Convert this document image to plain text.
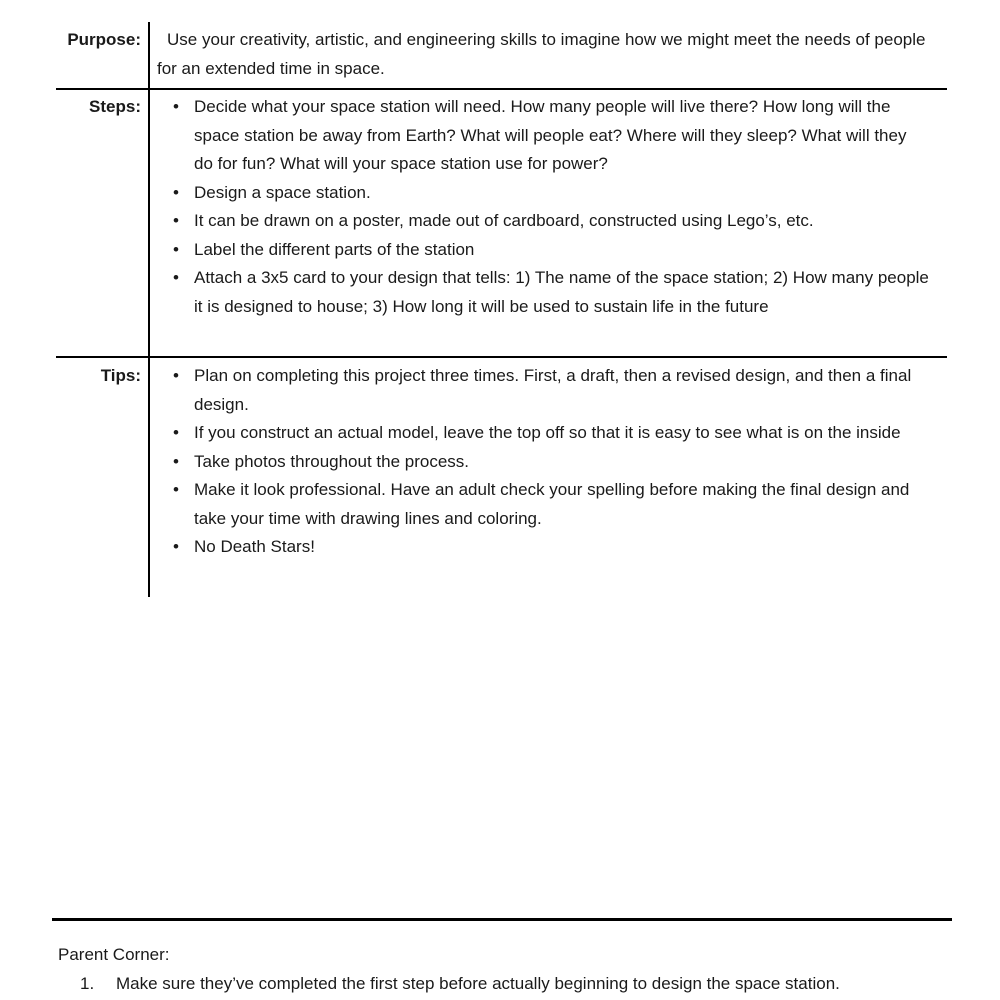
Purpose:	Use your creativity, artistic, and engineering skills to imagine how we might meet the needs of people for an extended time in space.
Steps: • Decide what your space station will need. How many people will live there? How long will the space station be away from Earth? What will people eat? Where will they sleep? What will they do for fun? What will your space station use for power?
• Design a space station.
• It can be drawn on a poster, made out of cardboard, constructed using Lego’s, etc.
• Label the different parts of the station
• Attach a 3x5 card to your design that tells: 1) The name of the space station; 2) How many people it is designed to house; 3) How long it will be used to sustain life in the future
Tips: • Plan on completing this project three times. First, a draft, then a revised design, and then a final design.
• If you construct an actual model, leave the top off so that it is easy to see what is on the inside
• Take photos throughout the process.
• Make it look professional. Have an adult check your spelling before making the final design and take your time with drawing lines and coloring.
• No Death Stars!
Parent Corner:
1. Make sure they’ve completed the first step before actually beginning to design the space station.
